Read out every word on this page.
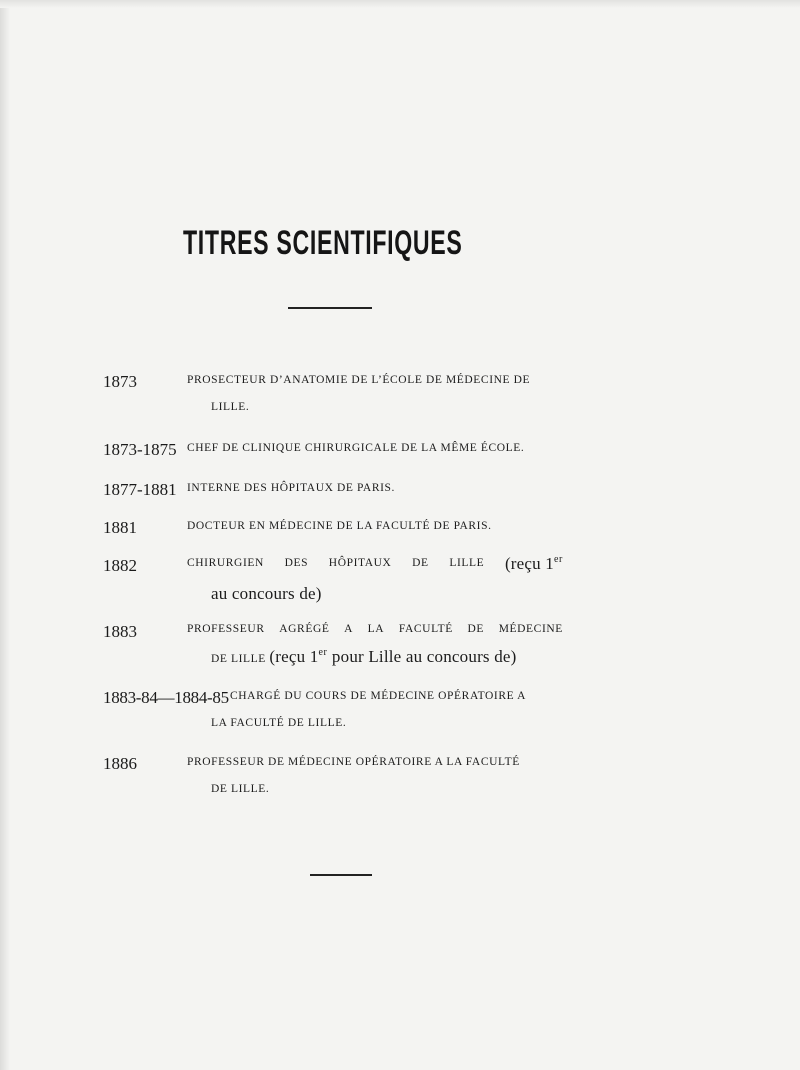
TITRES SCIENTIFIQUES
1873	PROSECTEUR D’ANATOMIE DE L’ÉCOLE DE MÉDECINE DE
LILLE.
1873-1875 CHEF DE CLINIQUE CHIRURGICALE DE LA MÊME ÉCOLE.
1877-1881 INTERNE DES HÔPITAUX DE PARIS.
1881	DOCTEUR EN MÉDECINE DE LA FACULTÉ DE PARIS.
1882	CHIRURGIEN DES HÔPITAUX DE LILLE (reçu 1er
au concours de)
1883	PROFESSEUR AGRÉGÉ A LA FACULTÉ DE MÉDECINE
DE LILLE (reçu 1er pour Lille au concours de)
1883-84—1884-85 CHARGÉ DU COURS DE MÉDECINE OPÉRATOIRE A
LA FACULTÉ DE LILLE.
1886	PROFESSEUR DE MÉDECINE OPÉRATOIRE A LA FACULTÉ
DE LILLE.
